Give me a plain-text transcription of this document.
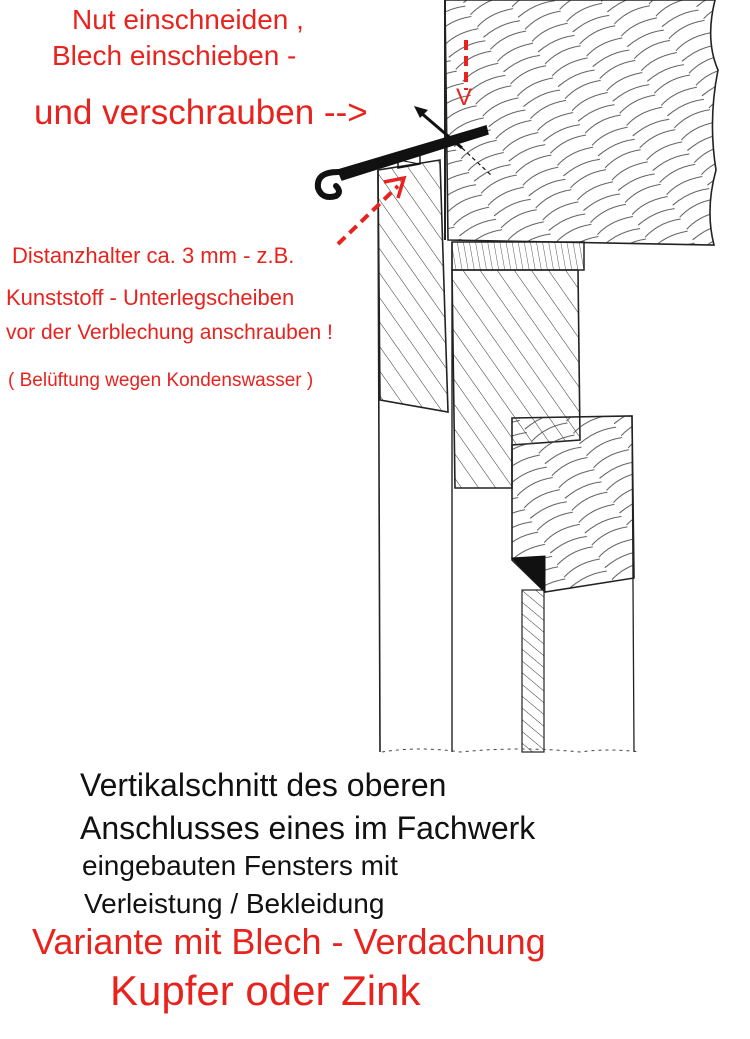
Nut einschneiden ,
Blech einschieben -
und verschrauben -->	V
Distanzhalter ca. 3 mm - z.B.
Kunststoff - Unterlegscheiben
vor der Verblechung anschrauben !
( Belüftung wegen Kondenswasser )
Vertikalschnitt des oberen
Anschlusses eines im Fachwerk
eingebauten Fensters mit
Verleistung / Bekleidung
Variante mit Blech - Verdachung
Kupfer oder Zink
